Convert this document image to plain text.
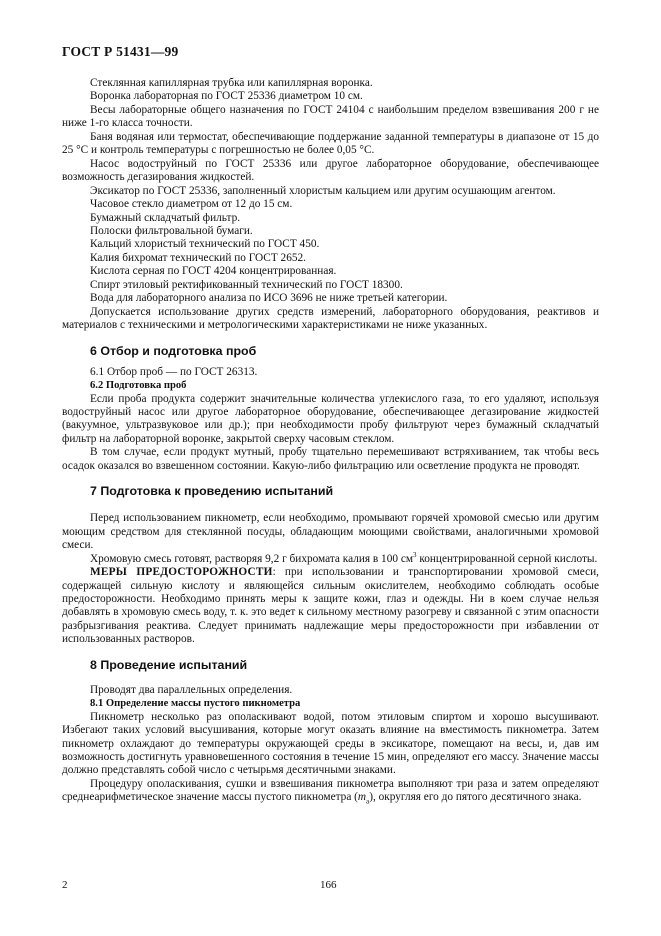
ГОСТ Р 51431—99

Стеклянная капиллярная трубка или капиллярная воронка.

Воронка лабораторная по ГОСТ 25336 диаметром 10 см.

Весы лабораторные общего назначения по ГОСТ 24104 с наибольшим пределом взвешивания 200 г не ниже 1-го класса точности.

Баня водяная или термостат, обеспечивающие поддержание заданной температуры в диапазоне от 15 до 25 °С и контроль температуры с погрешностью не более 0,05 °С.

Насос водоструйный по ГОСТ 25336 или другое лабораторное оборудование, обеспечивающее возможность дегазирования жидкостей.

Эксикатор по ГОСТ 25336, заполненный хлористым кальцием или другим осушающим агентом.

Часовое стекло диаметром от 12 до 15 см.

Бумажный складчатый фильтр.

Полоски фильтровальной бумаги.

Кальций хлористый технический по ГОСТ 450.

Калия бихромат технический по ГОСТ 2652.

Кислота серная по ГОСТ 4204 концентрированная.

Спирт этиловый ректификованный технический по ГОСТ 18300.

Вода для лабораторного анализа по ИСО 3696 не ниже третьей категории.

Допускается использование других средств измерений, лабораторного оборудования, реактивов и материалов с техническими и метрологическими характеристиками не ниже указанных.

6 Отбор и подготовка проб

6.1 Отбор проб — по ГОСТ 26313.

6.2 Подготовка проб

Если проба продукта содержит значительные количества углекислого газа, то его удаляют, используя водоструйный насос или другое лабораторное оборудование, обеспечивающее дегазирование жидкостей (вакуумное, ультразвуковое или др.); при необходимости пробу фильтруют через бумажный складчатый фильтр на лабораторной воронке, закрытой сверху часовым стеклом.

В том случае, если продукт мутный, пробу тщательно перемешивают встряхиванием, так чтобы весь осадок оказался во взвешенном состоянии. Какую-либо фильтрацию или осветление продукта не проводят.

7 Подготовка к проведению испытаний

Перед использованием пикнометр, если необходимо, промывают горячей хромовой смесью или другим моющим средством для стеклянной посуды, обладающим моющими свойствами, аналогичными хромовой смеси.

Хромовую смесь готовят, растворяя 9,2 г бихромата калия в 100 $см^3$ концентрированной серной кислоты.

МЕРЫ ПРЕДОСТОРОЖНОСТИ: при использовании и транспортировании хромовой смеси, содержащей сильную кислоту и являющейся сильным окислителем, необходимо соблюдать особые предосторожности. Необходимо принять меры к защите кожи, глаз и одежды. Ни в коем случае нельзя добавлять в хромовую смесь воду, т. к. это ведет к сильному местному разогреву и связанной с этим опасности разбрызгивания реактива. Следует принимать надлежащие меры предосторожности при избавлении от использованных растворов.

8 Проведение испытаний

Проводят два параллельных определения.

8.1 Определение массы пустого пикнометра

Пикнометр несколько раз ополаскивают водой, потом этиловым спиртом и хорошо высушивают. Избегают таких условий высушивания, которые могут оказать влияние на вместимость пикнометра. Затем пикнометр охлаждают до температуры окружающей среды в эксикаторе, помещают на весы, и, дав им возможность достигнуть уравновешенного состояния в течение 15 мин, определяют его массу. Значение массы должно представлять собой число с четырьмя десятичными знаками.

Процедуру ополаскивания, сушки и взвешивания пикнометра выполняют три раза и затем определяют среднеарифметическое значение массы пустого пикнометра $(m_a)$, округляя его до пятого десятичного знака.

2	166
